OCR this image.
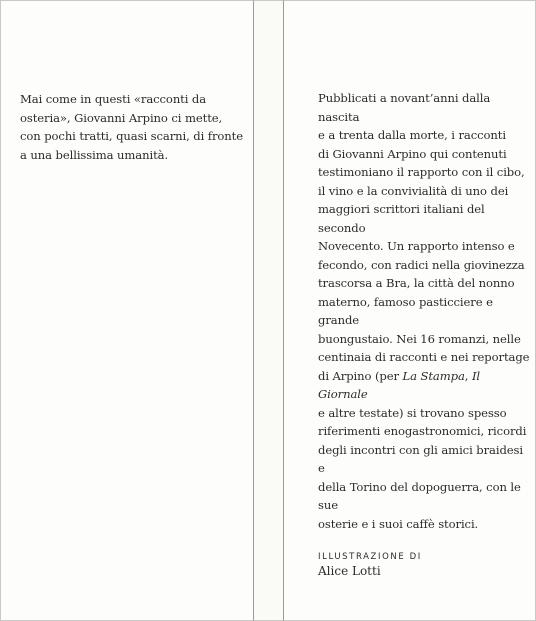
Mai come in questi «racconti da
osteria», Giovanni Arpino ci mette,
con pochi tratti, quasi scarni, di fronte
a una bellissima umanità.
Pubblicati a novant’anni dalla nascita
e a trenta dalla morte, i racconti
di Giovanni Arpino qui contenuti
testimoniano il rapporto con il cibo,
il vino e la convivialità di uno dei
maggiori scrittori italiani del secondo
Novecento. Un rapporto intenso e
fecondo, con radici nella giovinezza
trascorsa a Bra, la città del nonno
materno, famoso pasticciere e grande
buongustaio. Nei 16 romanzi, nelle
centinaia di racconti e nei reportage
di Arpino (per La Stampa, Il Giornale
e altre testate) si trovano spesso
riferimenti enogastronomici, ricordi
degli incontri con gli amici braidesi e
della Torino del dopoguerra, con le sue
osterie e i suoi caffè storici.
ILLUSTRAZIONE DI
Alice Lotti
